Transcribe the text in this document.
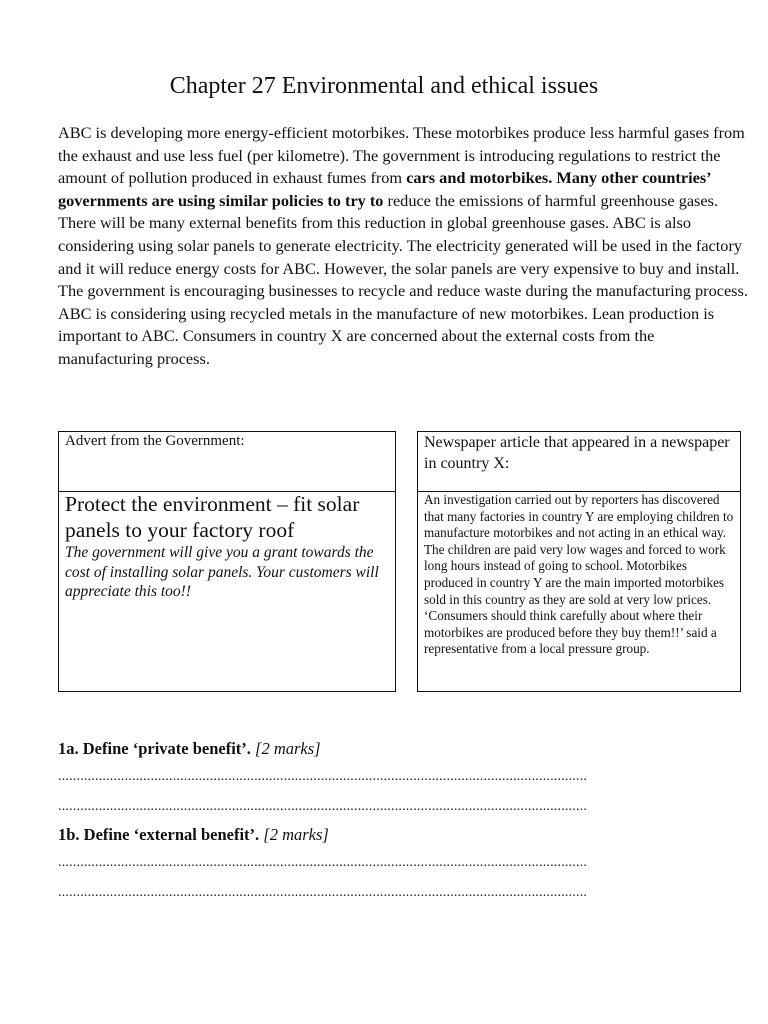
Chapter 27 Environmental and ethical issues

ABC is developing more energy-efficient motorbikes. These motorbikes produce less harmful gases from the exhaust and use less fuel (per kilometre). The government is introducing regulations to restrict the amount of pollution produced in exhaust fumes from cars and motorbikes. Many other countries’ governments are using similar policies to try to reduce the emissions of harmful greenhouse gases. There will be many external benefits from this reduction in global greenhouse gases. ABC is also considering using solar panels to generate electricity. The electricity generated will be used in the factory and it will reduce energy costs for ABC. However, the solar panels are very expensive to buy and install.

The government is encouraging businesses to recycle and reduce waste during the manufacturing process. ABC is considering using recycled metals in the manufacture of new motorbikes. Lean production is important to ABC. Consumers in country X are concerned about the external costs from the manufacturing process.

Advert from the Government:
Protect the environment – fit solar panels to your factory roof
The government will give you a grant towards the cost of installing solar panels. Your customers will appreciate this too!!
Newspaper article that appeared in a newspaper in country X:
An investigation carried out by reporters has discovered that many factories in country Y are employing children to manufacture motorbikes and not acting in an ethical way. The children are paid very low wages and forced to work long hours instead of going to school. Motorbikes produced in country Y are the main imported motorbikes sold in this country as they are sold at very low prices. ‘Consumers should think carefully about where their motorbikes are produced before they buy them!!’ said a representative from a local pressure group.
1a. Define ‘private benefit’. [2 marks]
...............................................................................................................................................
...............................................................................................................................................
1b. Define ‘external benefit’. [2 marks]
...............................................................................................................................................
...............................................................................................................................................
